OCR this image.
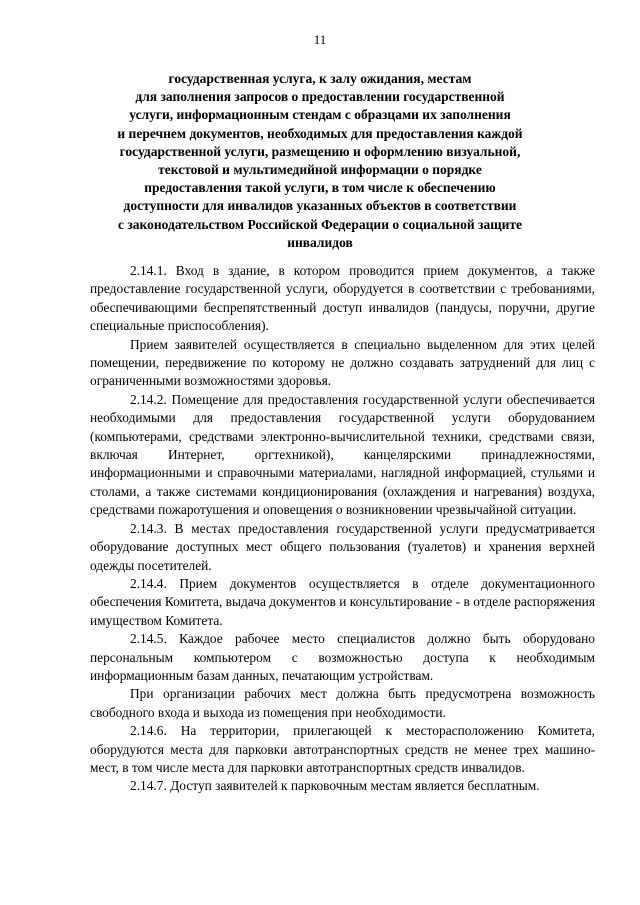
11
государственная услуга, к залу ожидания, местам
для заполнения запросов о предоставлении государственной
услуги, информационным стендам с образцами их заполнения
и перечнем документов, необходимых для предоставления каждой
государственной услуги, размещению и оформлению визуальной,
текстовой и мультимедийной информации о порядке
предоставления такой услуги, в том числе к обеспечению
доступности для инвалидов указанных объектов в соответствии
с законодательством Российской Федерации о социальной защите
инвалидов

2.14.1. Вход в здание, в котором проводится прием документов, а также предоставление государственной услуги, оборудуется в соответствии с требованиями, обеспечивающими беспрепятственный доступ инвалидов (пандусы, поручни, другие специальные приспособления).

Прием заявителей осуществляется в специально выделенном для этих целей помещении, передвижение по которому не должно создавать затруднений для лиц с ограниченными возможностями здоровья.

2.14.2. Помещение для предоставления государственной услуги обеспечивается необходимыми для предоставления государственной услуги оборудованием (компьютерами, средствами электронно-вычислительной техники, средствами связи, включая Интернет, оргтехникой), канцелярскими принадлежностями, информационными и справочными материалами, наглядной информацией, стульями и столами, а также системами кондиционирования (охлаждения и нагревания) воздуха, средствами пожаротушения и оповещения о возникновении чрезвычайной ситуации.

2.14.3. В местах предоставления государственной услуги предусматривается оборудование доступных мест общего пользования (туалетов) и хранения верхней одежды посетителей.

2.14.4. Прием документов осуществляется в отделе документационного обеспечения Комитета, выдача документов и консультирование - в отделе распоряжения имуществом Комитета.

2.14.5. Каждое рабочее место специалистов должно быть оборудовано персональным компьютером с возможностью доступа к необходимым информационным базам данных, печатающим устройствам.

При организации рабочих мест должна быть предусмотрена возможность свободного входа и выхода из помещения при необходимости.

2.14.6. На территории, прилегающей к месторасположению Комитета, оборудуются места для парковки автотранспортных средств не менее трех машино-мест, в том числе места для парковки автотранспортных средств инвалидов.

2.14.7. Доступ заявителей к парковочным местам является бесплатным.
